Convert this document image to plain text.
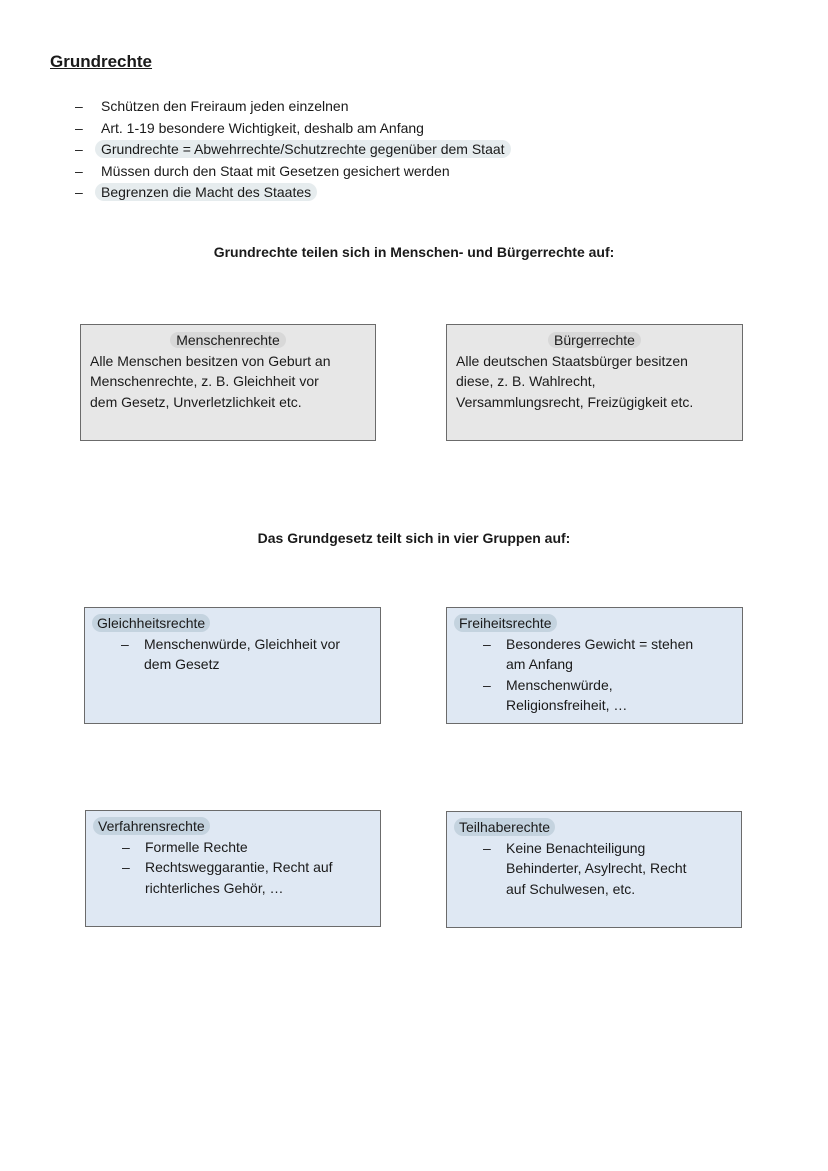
Grundrechte
– Schützen den Freiraum jeden einzelnen
– Art. 1-19 besondere Wichtigkeit, deshalb am Anfang
– Grundrechte = Abwehrrechte/Schutzrechte gegenüber dem Staat
– Müssen durch den Staat mit Gesetzen gesichert werden
– Begrenzen die Macht des Staates
Grundrechte teilen sich in Menschen- und Bürgerrechte auf:
Menschenrechte
Alle Menschen besitzen von Geburt an
Menschenrechte, z. B. Gleichheit vor
dem Gesetz, Unverletzlichkeit etc.
Bürgerrechte
Alle deutschen Staatsbürger besitzen
diese, z. B. Wahlrecht,
Versammlungsrecht, Freizügigkeit etc.
Das Grundgesetz teilt sich in vier Gruppen auf:
Gleichheitsrechte
– Menschenwürde, Gleichheit vor
dem Gesetz
Freiheitsrechte
– Besonderes Gewicht = stehen
am Anfang
– Menschenwürde,
Religionsfreiheit, …
Verfahrensrechte
– Formelle Rechte
– Rechtsweggarantie, Recht auf
richterliches Gehör, …
Teilhaberechte
– Keine Benachteiligung
Behinderter, Asylrecht, Recht
auf Schulwesen, etc.
